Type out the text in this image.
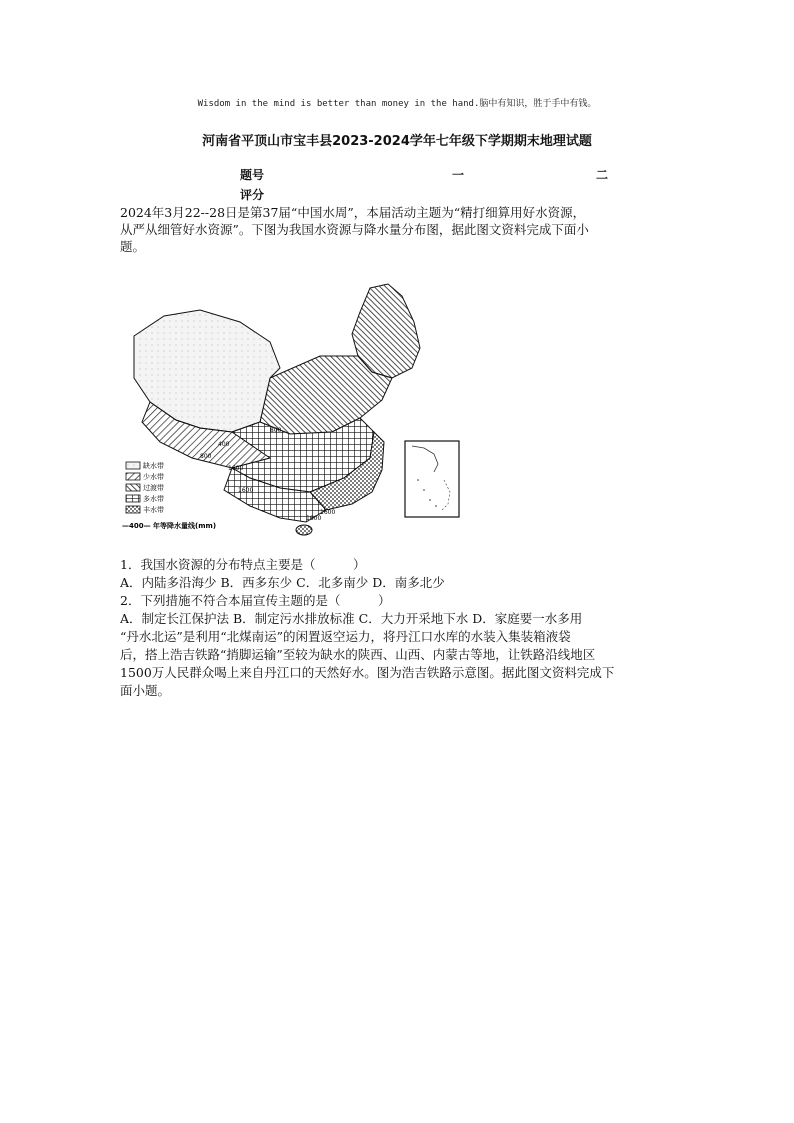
Wisdom in the mind is better than money in the hand.脑中有知识，胜于手中有钱。
河南省平顶山市宝丰县2023-2024学年七年级下学期期末地理试题
题号	一	二
评分
2024年3月22--28日是第37届“中国水周”，本届活动主题为“精打细算用好水资源，
从严从细管好水资源”。下图为我国水资源与降水量分布图，据此图文资料完成下面小
题。
400
800
1600
1600
1600
800
1600
缺水带
少水带
过渡带
多水带
丰水带
—400— 年等降水量线(mm)
1．我国水资源的分布特点主要是（　　　）
A．内陆多沿海少 B．西多东少 C．北多南少 D．南多北少
2．下列措施不符合本届宣传主题的是（　　　）
A．制定长江保护法 B．制定污水排放标准 C．大力开采地下水 D．家庭要一水多用
“丹水北运”是利用“北煤南运”的闲置返空运力，将丹江口水库的水装入集装箱液袋
后，搭上浩吉铁路“捎脚运输”至较为缺水的陕西、山西、内蒙古等地，让铁路沿线地区
1500万人民群众喝上来自丹江口的天然好水。图为浩吉铁路示意图。据此图文资料完成下
面小题。
